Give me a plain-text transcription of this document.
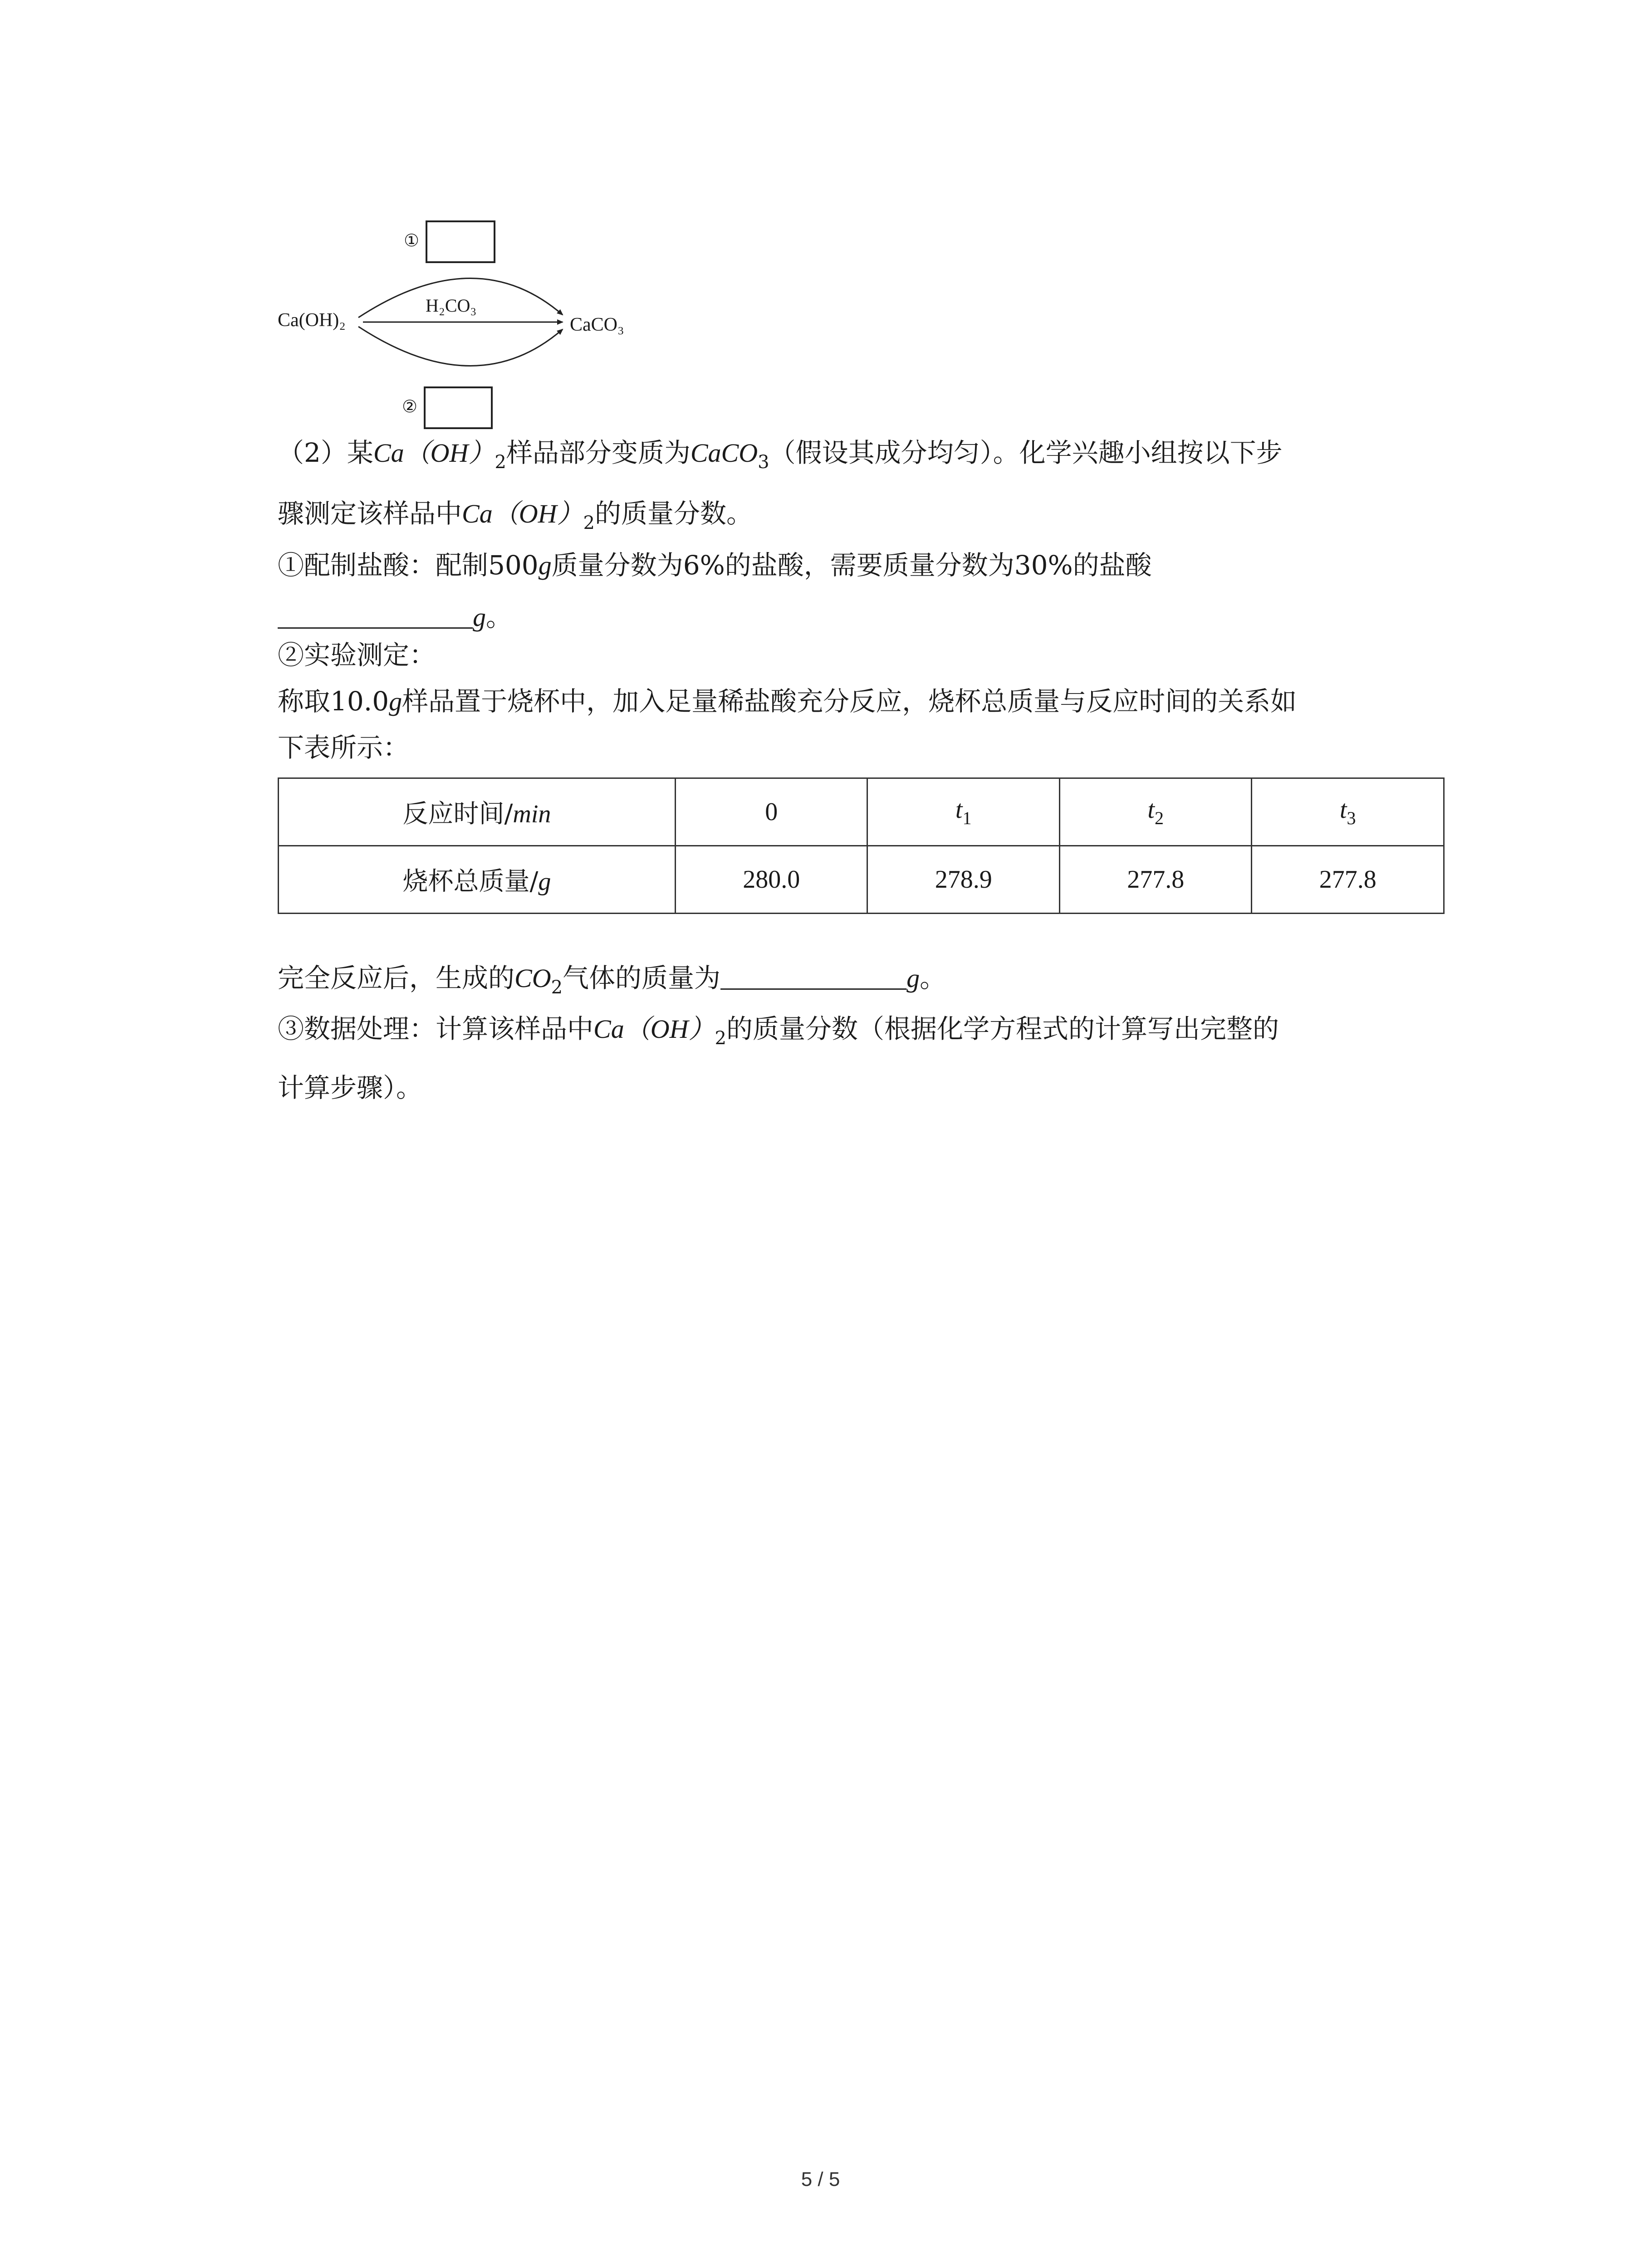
Ca(OH)₂	CaCO₃
H₂CO₃
①
②
（2）某$Ca(OH)_2$样品部分变质为CaCO$_3$（假设其成分均匀）。化学兴趣小组按以下步
骤测定该样品中$Ca(OH)_2$的质量分数。
①配制盐酸：配制500g质量分数为6%的盐酸，需要质量分数为30%的盐酸
g。
②实验测定：
称取10.0g样品置于烧杯中，加入足量稀盐酸充分反应，烧杯总质量与反应时间的关系如
下表所示：
反应时间/min	0	$t_1$	$t_2$	$t_3$
烧杯总质量/g	280.0	278.9	277.8	277.8
完全反应后，生成的$CO_2$气体的质量为	g。
③数据处理：计算该样品中$Ca(OH)_2$的质量分数（根据化学方程式的计算写出完整的
计算步骤）。
5 / 5
